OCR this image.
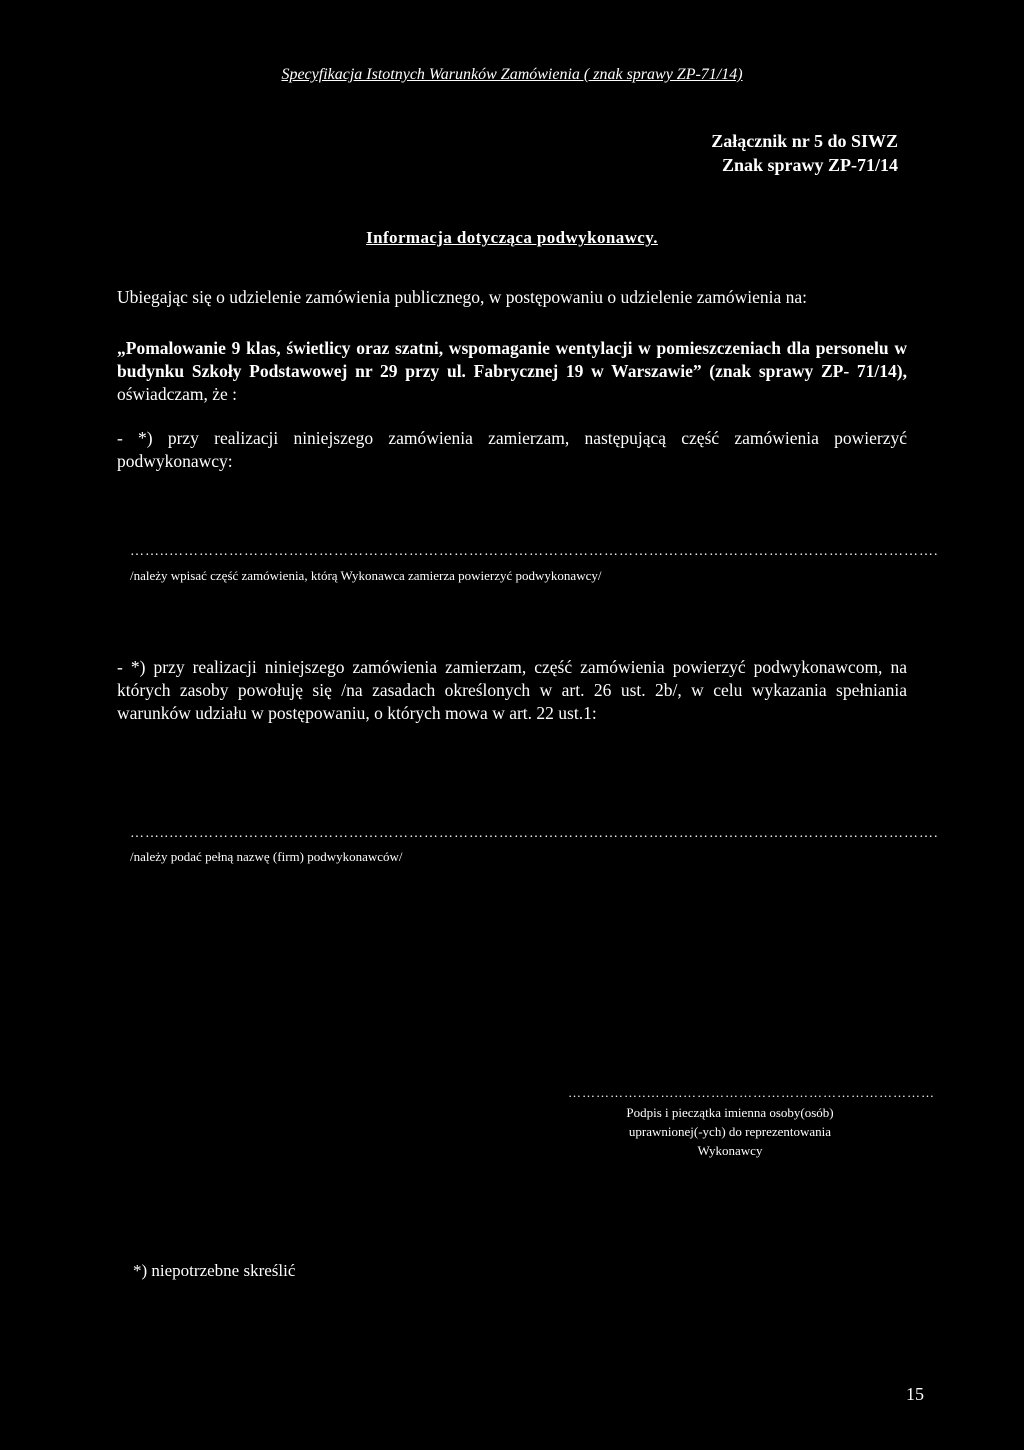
Specyfikacja Istotnych Warunków Zamówienia ( znak sprawy ZP-71/14)
Załącznik nr 5 do SIWZ
Znak sprawy ZP-71/14
Informacja dotycząca podwykonawcy.
Ubiegając się o udzielenie zamówienia publicznego, w postępowaniu o udzielenie zamówienia na:
„Pomalowanie 9 klas, świetlicy oraz szatni, wspomaganie wentylacji w pomieszczeniach dla personelu w budynku Szkoły Podstawowej nr 29 przy ul. Fabrycznej 19 w Warszawie” (znak sprawy ZP- 71/14), oświadczam, że :
- *) przy realizacji niniejszego zamówienia zamierzam, następującą część zamówienia powierzyć podwykonawcy:
……..……………………………………………………………………………………………………………………………………….
/należy wpisać część zamówienia, którą Wykonawca zamierza powierzyć podwykonawcy/
- *) przy realizacji niniejszego zamówienia zamierzam, część zamówienia powierzyć podwykonawcom, na których zasoby powołuję się /na zasadach określonych w art. 26 ust. 2b/, w celu wykazania spełniania warunków udziału w postępowaniu, o których mowa w art. 22 ust.1:
……..……………………………………………………………………………………………………………………………………….
/należy podać pełną nazwę (firm) podwykonawców/
……………..……..………………………………………………
Podpis i pieczątka imienna osoby(osób)
uprawnionej(-ych) do reprezentowania
Wykonawcy
*) niepotrzebne skreślić
15
